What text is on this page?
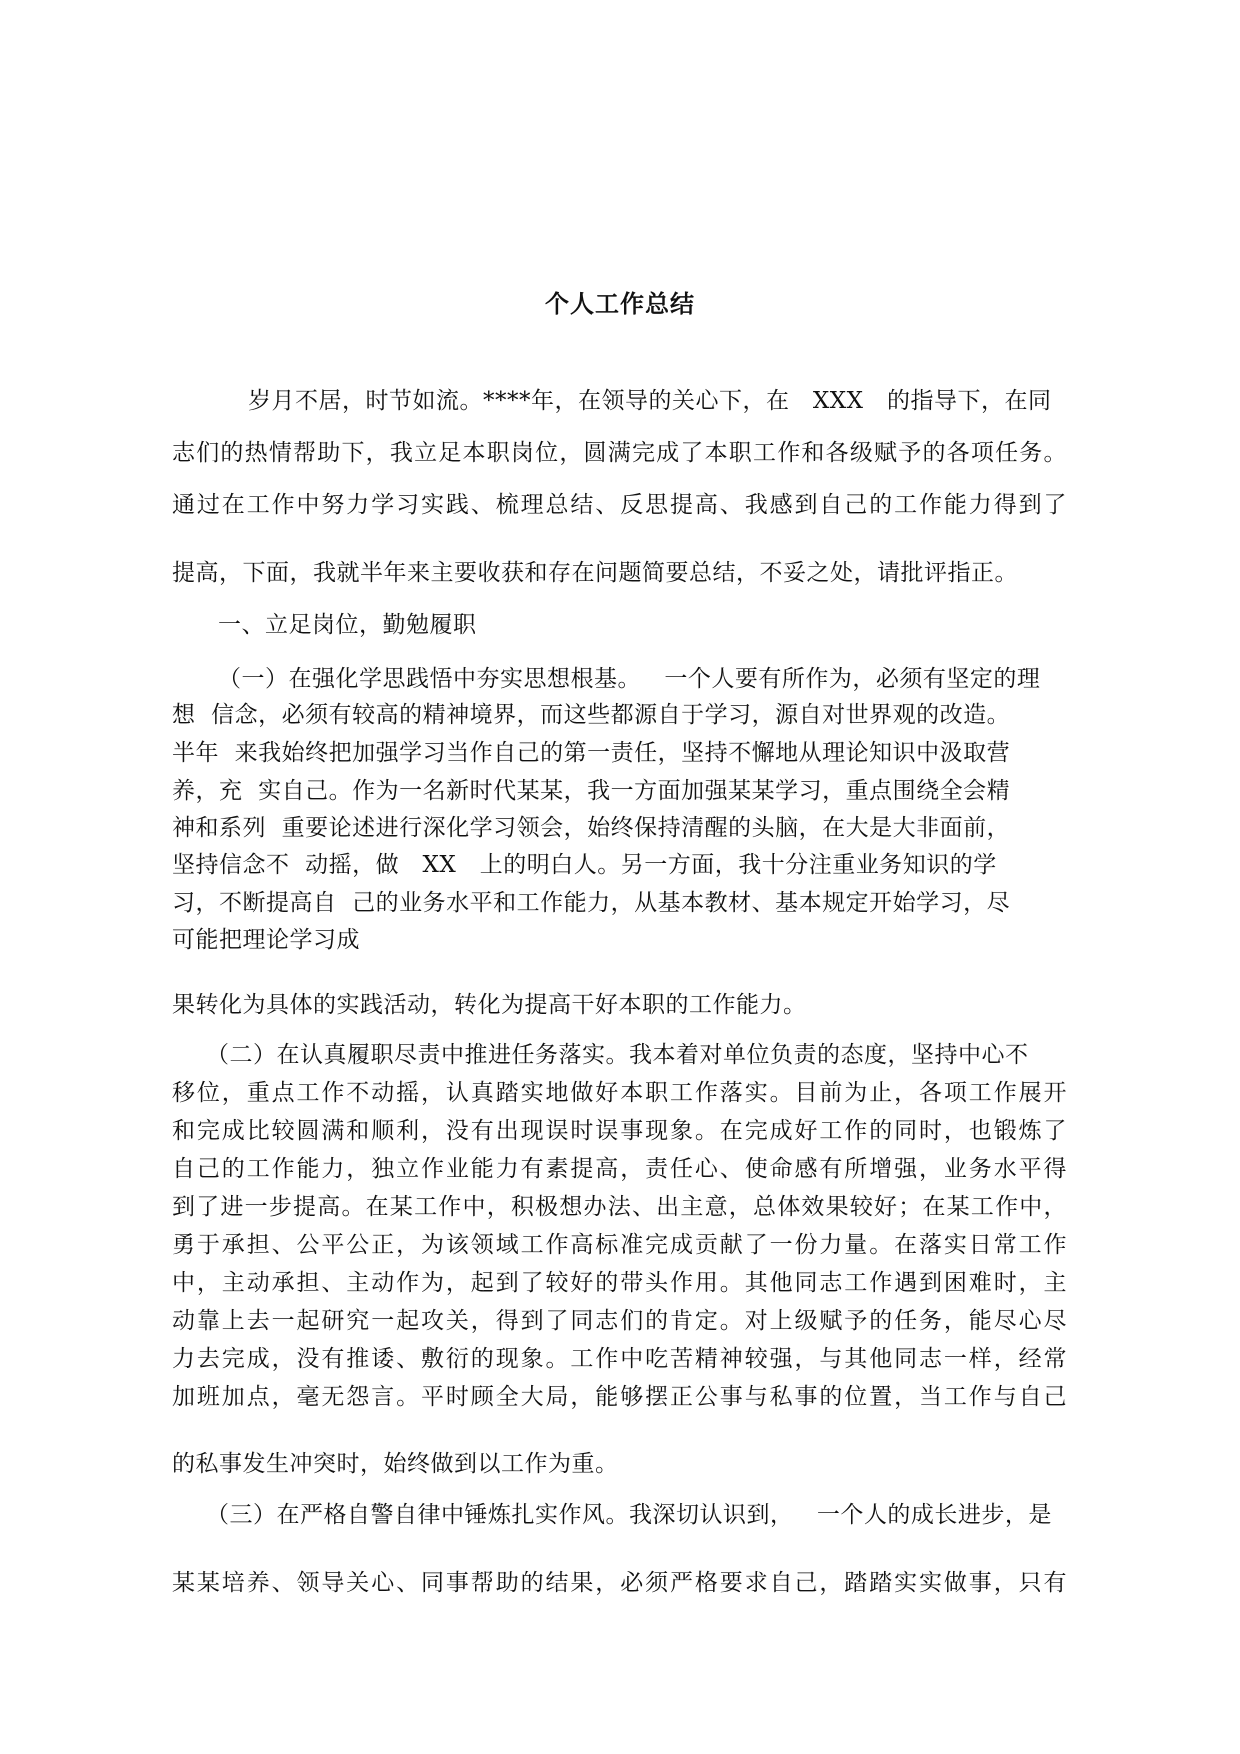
个人工作总结
岁月不居，时节如流。****年，在领导的关心下，在   XXX   的指导下，在同
志们的热情帮助下，我立足本职岗位，圆满完成了本职工作和各级赋予的各项任务。
通过在工作中努力学习实践、梳理总结、反思提高、我感到自己的工作能力得到了
提高，下面，我就半年来主要收获和存在问题简要总结，不妥之处，请批评指正。
一、立足岗位，勤勉履职
（一）在强化学思践悟中夯实思想根基。   一个人要有所作为，必须有坚定的理
想  信念，必须有较高的精神境界，而这些都源自于学习，源自对世界观的改造。
半年  来我始终把加强学习当作自己的第一责任，坚持不懈地从理论知识中汲取营
养，充  实自己。作为一名新时代某某，我一方面加强某某学习，重点围绕全会精
神和系列  重要论述进行深化学习领会，始终保持清醒的头脑，在大是大非面前，
坚持信念不  动摇，做   XX   上的明白人。另一方面，我十分注重业务知识的学
习，不断提高自  己的业务水平和工作能力，从基本教材、基本规定开始学习，尽
可能把理论学习成
果转化为具体的实践活动，转化为提高干好本职的工作能力。
（二）在认真履职尽责中推进任务落实。我本着对单位负责的态度，坚持中心不
移位，重点工作不动摇，认真踏实地做好本职工作落实。目前为止，各项工作展开
和完成比较圆满和顺利，没有出现误时误事现象。在完成好工作的同时，也锻炼了
自己的工作能力，独立作业能力有素提高，责任心、使命感有所增强，业务水平得
到了进一步提高。在某工作中，积极想办法、出主意，总体效果较好；在某工作中，
勇于承担、公平公正，为该领域工作高标准完成贡献了一份力量。在落实日常工作
中，主动承担、主动作为，起到了较好的带头作用。其他同志工作遇到困难时，主
动靠上去一起研究一起攻关，得到了同志们的肯定。对上级赋予的任务，能尽心尽
力去完成，没有推诿、敷衍的现象。工作中吃苦精神较强，与其他同志一样，经常
加班加点，毫无怨言。平时顾全大局，能够摆正公事与私事的位置，当工作与自己
的私事发生冲突时，始终做到以工作为重。
（三）在严格自警自律中锤炼扎实作风。我深切认识到，   一个人的成长进步，是
某某培养、领导关心、同事帮助的结果，必须严格要求自己，踏踏实实做事，只有
